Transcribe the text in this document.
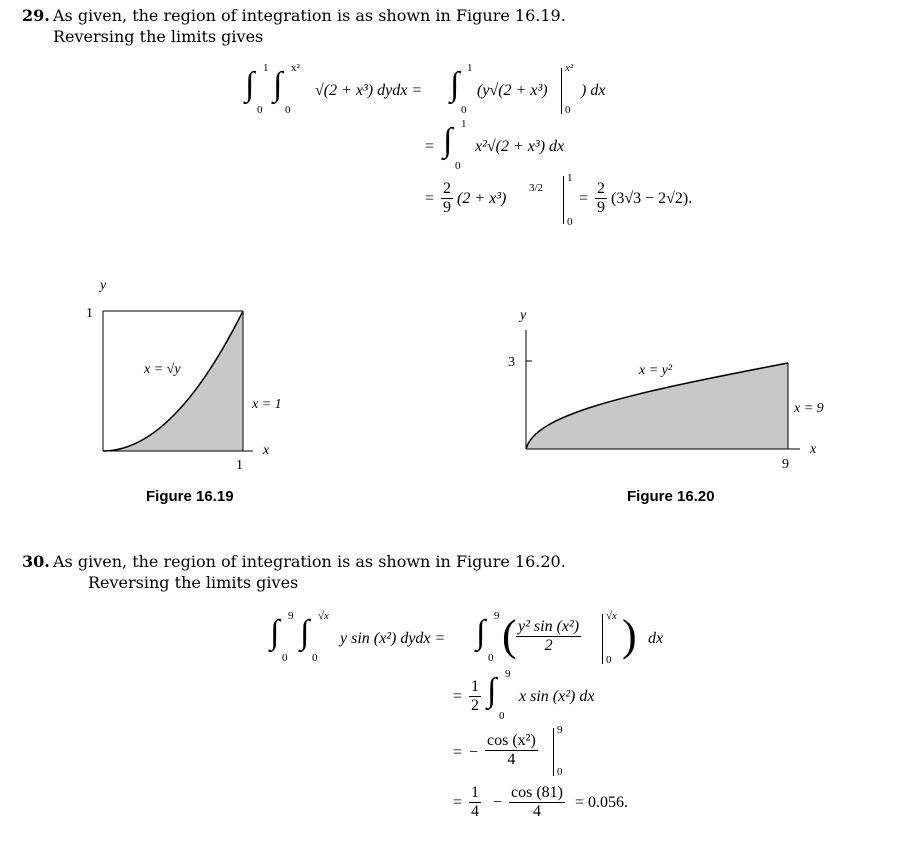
29. As given, the region of integration is as shown in Figure 16.19.
Reversing the limits gives
∫ 1
0
∫ x²
0
√(2 + x³) dydx = ∫ 1
0
(y√(2 + x³)
x²
0
) dx
= ∫ 1
0
x²√(2 + x³) dx
= $\frac{2}{9} (2 + x^3)$
3/2
1
0
= $\frac{2}{9} (3√3 - 2√2)$.
y
1
1
x
x = √y
x = 1
Figure 16.19
y
3
9
x
x = y²
x = 9
Figure 16.20
30. As given, the region of integration is as shown in Figure 16.20.
Reversing the limits gives
∫ 9
0
∫ √x
0
y sin (x²) dydx = ∫ 9
0 ( $\frac{\text{y² sin (x²)}}{2}$
√x
0 ) dx
= $\frac{1}{2}$ ∫ 9
0
x sin (x²) dx
= − $\frac{\text{cos (x²)}}{4}$
9
0
= $\frac{1}{4} - \frac{\cos (81)}{4} = 0.056$.
